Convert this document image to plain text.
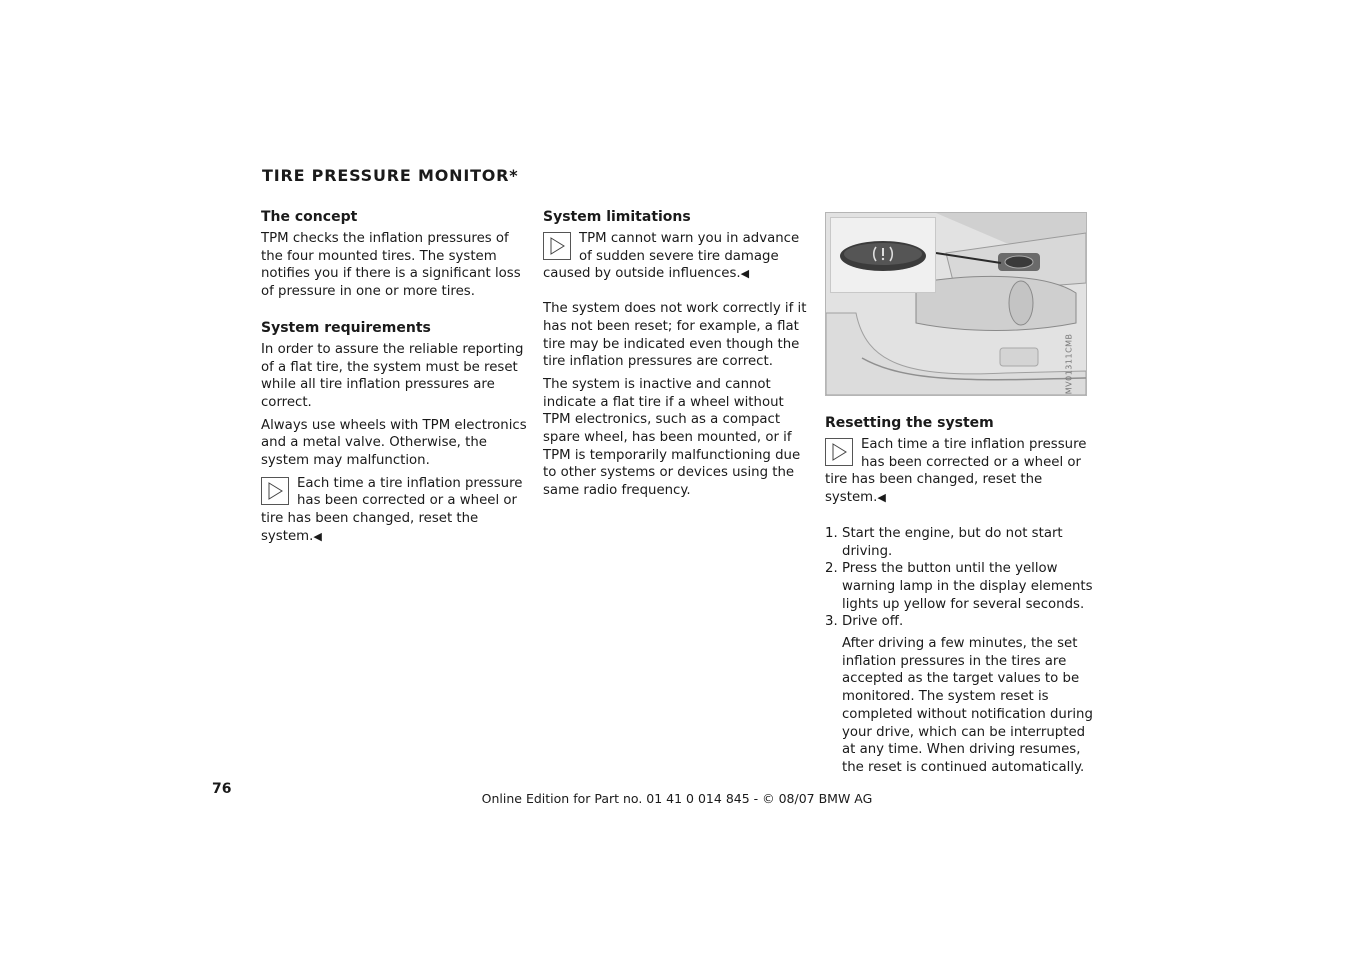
TIRE PRESSURE MONITOR*
The concept

TPM checks the inflation pressures of the four mounted tires. The system notifies you if there is a significant loss of pressure in one or more tires.

System requirements

In order to assure the reliable reporting of a flat tire, the system must be reset while all tire inflation pressures are correct.

Always use wheels with TPM electronics and a metal valve. Otherwise, the system may malfunction.

Each time a tire inflation pressure has been corrected or a wheel or tire has been changed, reset the system.◀
System limitations
TPM cannot warn you in advance of sudden severe tire damage caused by outside influences.◀

The system does not work correctly if it has not been reset; for example, a flat tire may be indicated even though the tire inflation pressures are correct.

The system is inactive and cannot indicate a flat tire if a wheel without TPM electronics, such as a compact spare wheel, has been mounted, or if TPM is temporarily malfunctioning due to other systems or devices using the same radio frequency.

MV01311CMB
Resetting the system
Each time a tire inflation pressure has been corrected or a wheel or tire has been changed, reset the system.◀
1. Start the engine, but do not start driving.
2. Press the button until the yellow warning lamp in the display elements lights up yellow for several seconds.
3. Drive off.

After driving a few minutes, the set inflation pressures in the tires are accepted as the target values to be monitored. The system reset is completed without notification during your drive, which can be interrupted at any time. When driving resumes, the reset is continued automatically.

76
Online Edition for Part no. 01 41 0 014 845 - © 08/07 BMW AG
